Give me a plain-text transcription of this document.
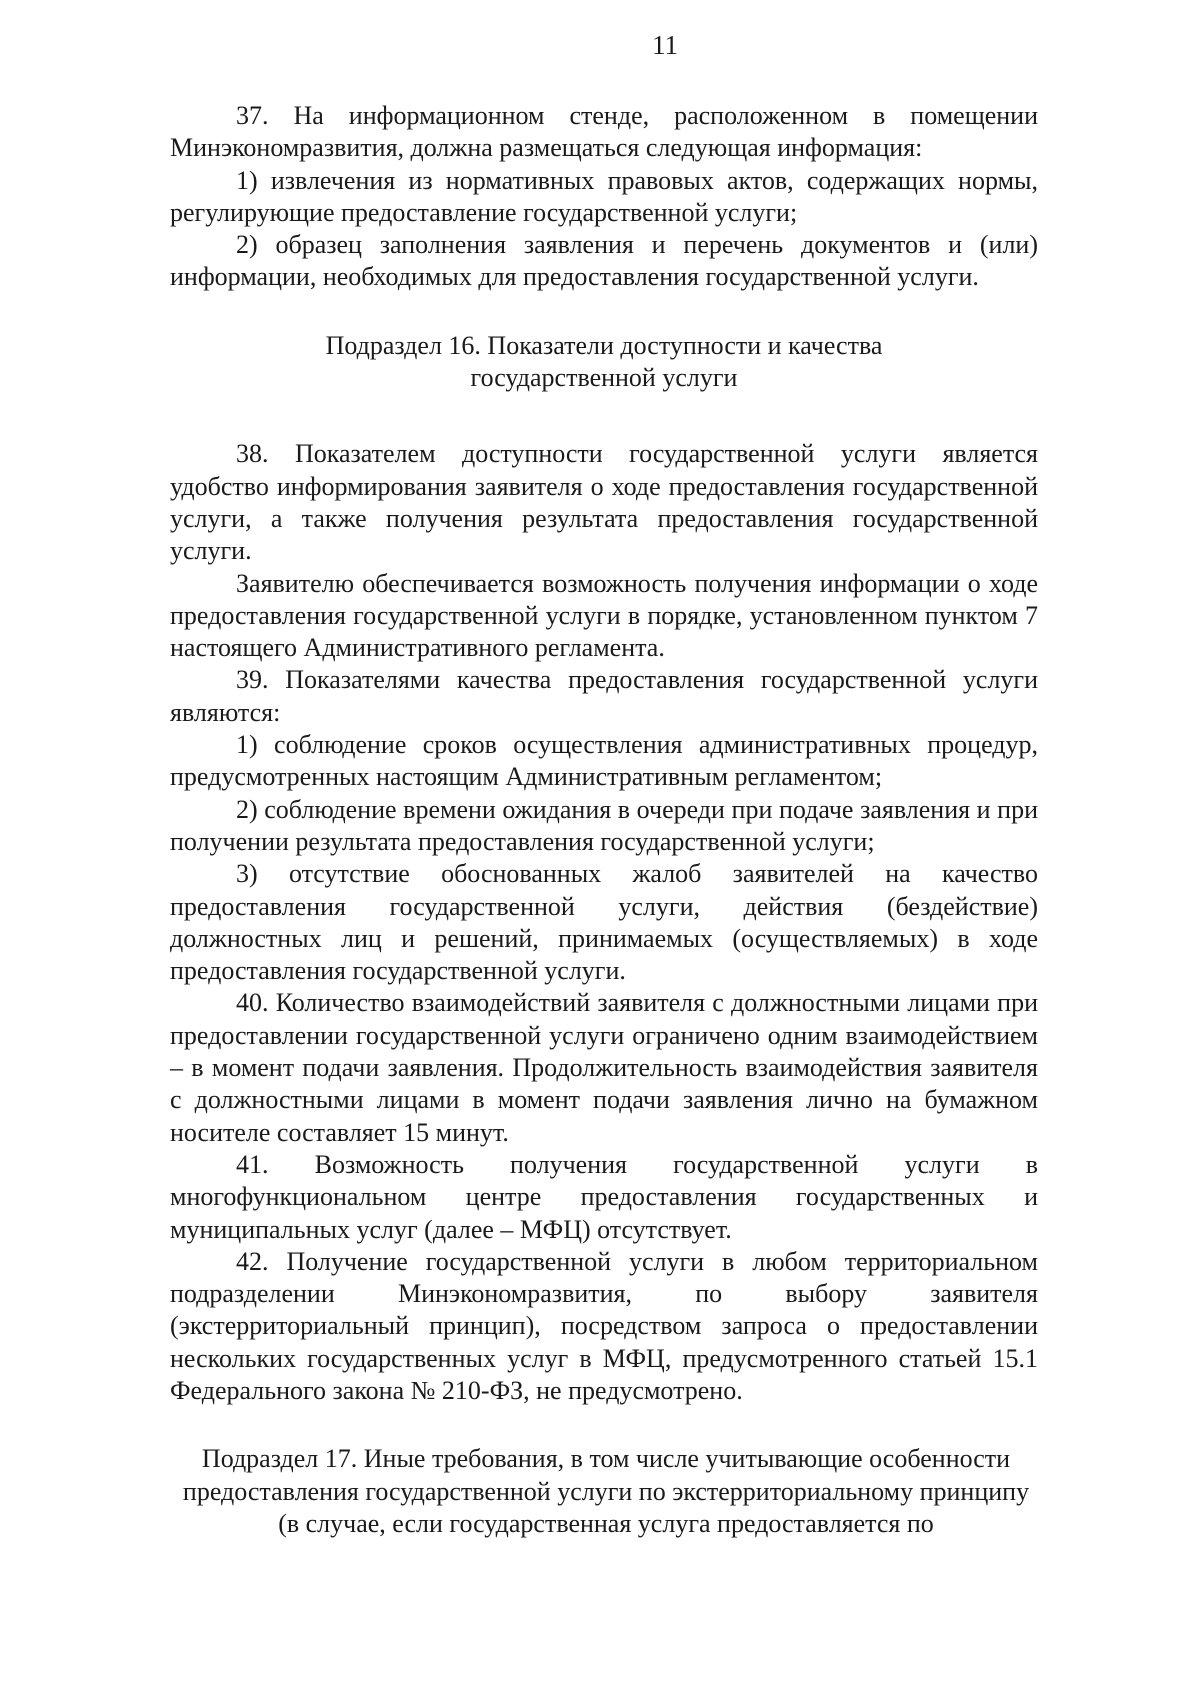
11

37. На информационном стенде, расположенном в помещении Минэкономразвития, должна размещаться следующая информация:

1) извлечения из нормативных правовых актов, содержащих нормы, регулирующие предоставление государственной услуги;

2) образец заполнения заявления и перечень документов и (или) информации, необходимых для предоставления государственной услуги.

Подраздел 16. Показатели доступности и качества
государственной услуги

38. Показателем доступности государственной услуги является удобство информирования заявителя о ходе предоставления государственной услуги, а также получения результата предоставления государственной услуги.

Заявителю обеспечивается возможность получения информации о ходе предоставления государственной услуги в порядке, установленном пунктом 7 настоящего Административного регламента.

39. Показателями качества предоставления государственной услуги являются:

1) соблюдение сроков осуществления административных процедур, предусмотренных настоящим Административным регламентом;

2) соблюдение времени ожидания в очереди при подаче заявления и при получении результата предоставления государственной услуги;

3) отсутствие обоснованных жалоб заявителей на качество предоставления государственной услуги, действия (бездействие) должностных лиц и решений, принимаемых (осуществляемых) в ходе предоставления государственной услуги.

40. Количество взаимодействий заявителя с должностными лицами при предоставлении государственной услуги ограничено одним взаимодействием – в момент подачи заявления. Продолжительность взаимодействия заявителя с должностными лицами в момент подачи заявления лично на бумажном носителе составляет 15 минут.

41. Возможность получения государственной услуги в многофункциональном центре предоставления государственных и муниципальных услуг (далее – МФЦ) отсутствует.

42. Получение государственной услуги в любом территориальном подразделении Минэкономразвития, по выбору заявителя (экстерриториальный принцип), посредством запроса о предоставлении нескольких государственных услуг в МФЦ, предусмотренного статьей 15.1 Федерального закона № 210-ФЗ, не предусмотрено.

Подраздел 17. Иные требования, в том числе учитывающие особенности
предоставления государственной услуги по экстерриториальному принципу
(в случае, если государственная услуга предоставляется по
